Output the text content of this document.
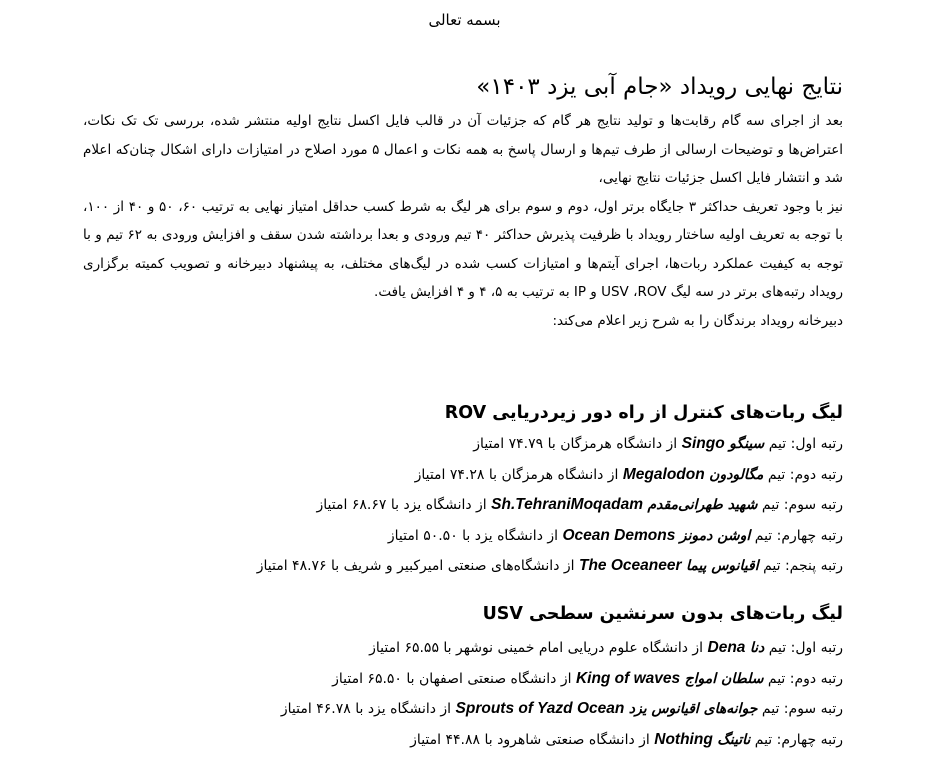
بسمه تعالی
نتایج نهایی رویداد «جام آبی یزد ۱۴۰۳»
بعد از اجرای سه گام رقابت‌ها و تولید نتایج هر گام که جزئیات آن در قالب فایل اکسل نتایج اولیه منتشر شده، بررسی تک تک نکات، اعتراض‌ها و توضیحات ارسالی از طرف تیم‌ها و ارسال پاسخ به همه نکات و اعمال ۵ مورد اصلاح در امتیازات دارای اشکال چنان‌که اعلام شد و انتشار فایل اکسل جزئیات نتایج نهایی،
نیز با وجود تعریف حداکثر ۳ جایگاه برتر اول، دوم و سوم برای هر لیگ به شرط کسب حداقل امتیاز نهایی به ترتیب ۶۰، ۵۰ و ۴۰ از ۱۰۰، با توجه به تعریف اولیه ساختار رویداد با ظرفیت پذیرش حداکثر ۴۰ تیم ورودی و بعدا برداشته شدن سقف و افزایش ورودی به ۶۲ تیم و با توجه به کیفیت عملکرد ربات‌ها، اجرای آیتم‌ها و امتیازات کسب شده در لیگ‌های مختلف، به پیشنهاد دبیرخانه و تصویب کمیته برگزاری رویداد رتبه‌های برتر در سه لیگ USV ،ROV و IP به ترتیب به ۵، ۴ و ۴ افزایش یافت.
دبیرخانه رویداد برندگان را به شرح زیر اعلام می‌کند:
لیگ ربات‌های کنترل از راه دور زیردریایی ROV
رتبه اول: تیم سینگو Singo از دانشگاه هرمزگان با ۷۴.۷۹ امتیاز
رتبه دوم: تیم مگالودون Megalodon از دانشگاه هرمزگان با ۷۴.۲۸ امتیاز
رتبه سوم: تیم شهید طهرانی‌مقدم Sh.TehraniMoqadam از دانشگاه یزد با ۶۸.۶۷ امتیاز
رتبه چهارم: تیم اوشن دمونز Ocean Demons از دانشگاه یزد با ۵۰.۵۰ امتیاز
رتبه پنجم: تیم اقیانوس پیما The Oceaneer از دانشگاه‌های صنعتی امیرکبیر و شریف با ۴۸.۷۶ امتیاز
لیگ ربات‌های بدون سرنشین سطحی USV
رتبه اول: تیم دنا Dena از دانشگاه علوم دریایی امام خمینی نوشهر با ۶۵.۵۵ امتیاز
رتبه دوم: تیم سلطان امواج King of waves از دانشگاه صنعتی اصفهان با ۶۵.۵۰ امتیاز
رتبه سوم: تیم جوانه‌های اقیانوس یزد Sprouts of Yazd Ocean از دانشگاه یزد با ۴۶.۷۸ امتیاز
رتبه چهارم: تیم ناتینگ Nothing از دانشگاه صنعتی شاهرود با ۴۴.۸۸ امتیاز
